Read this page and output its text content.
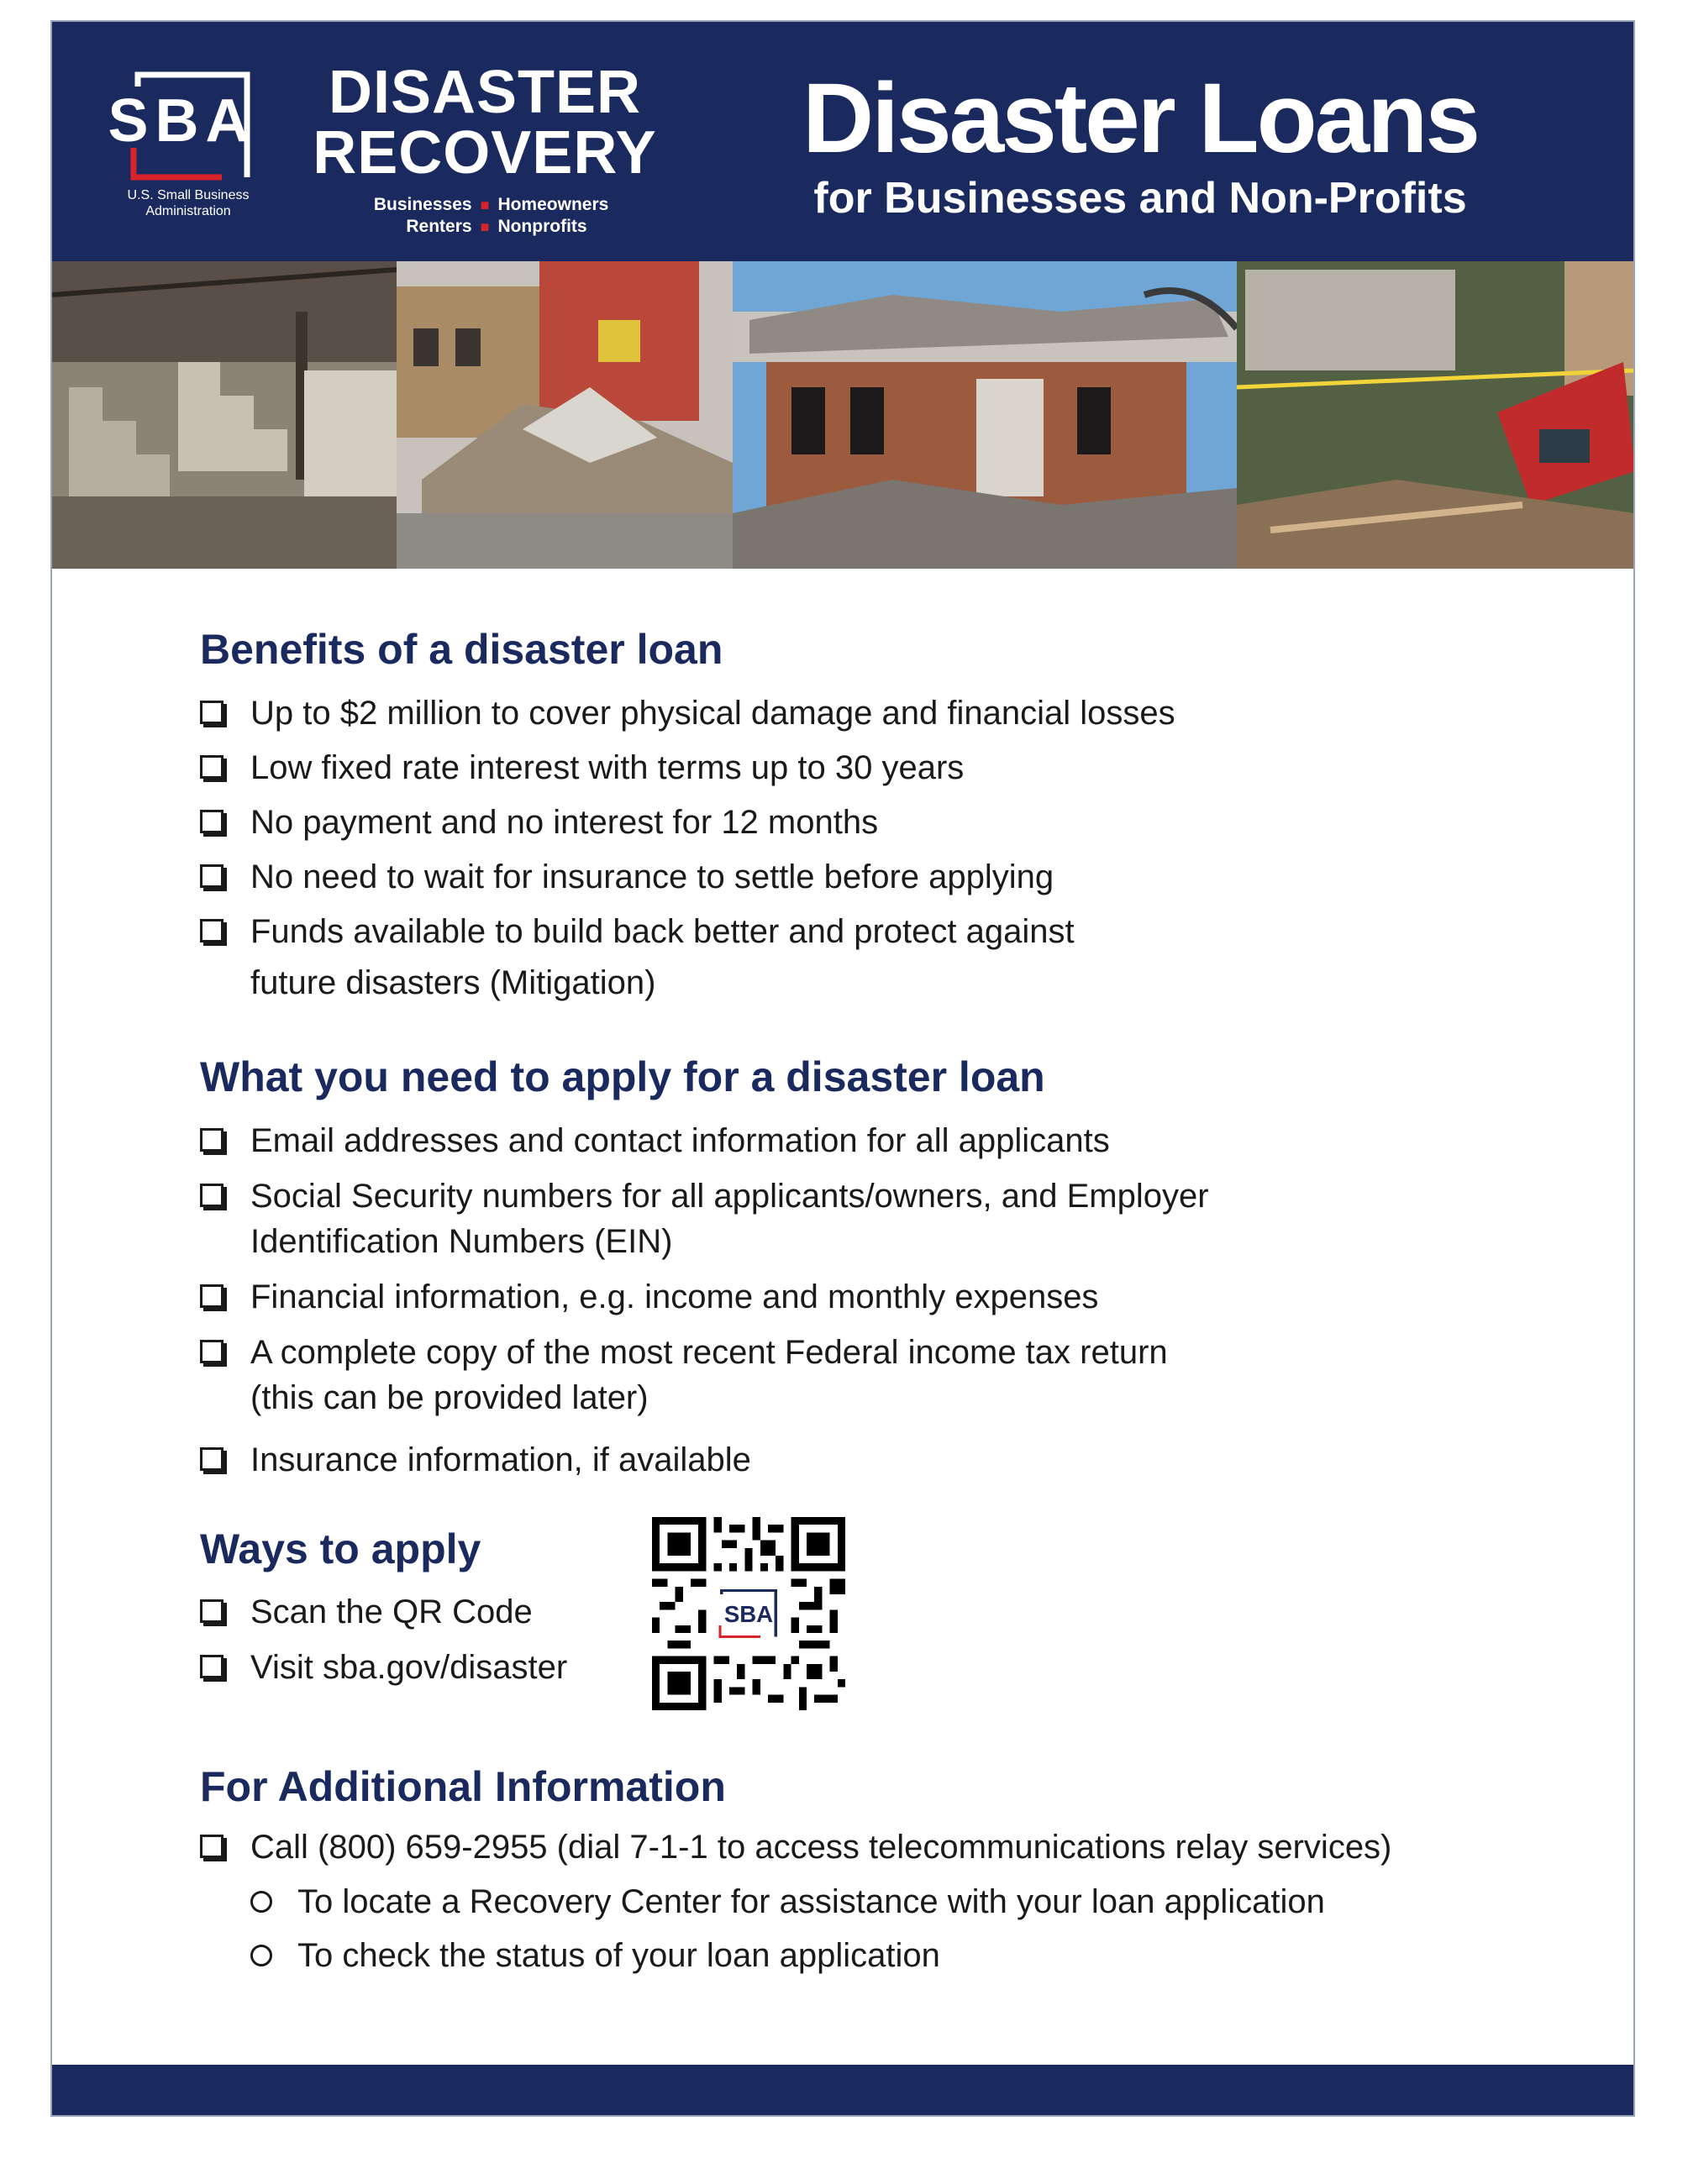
SBA
U.S. Small Business
Administration
DISASTER
RECOVERY
Businesses ■ Homeowners
Renters ■ Nonprofits
Disaster Loans
for Businesses and Non-Profits
Benefits of a disaster loan
Up to $2 million to cover physical damage and financial losses
Low fixed rate interest with terms up to 30 years
No payment and no interest for 12 months
No need to wait for insurance to settle before applying
Funds available to build back better and protect against
future disasters (Mitigation)
What you need to apply for a disaster loan
Email addresses and contact information for all applicants
Social Security numbers for all applicants/owners, and Employer
Identification Numbers (EIN)
Financial information, e.g. income and monthly expenses
A complete copy of the most recent Federal income tax return
(this can be provided later)
Insurance information, if available
Ways to apply
Scan the QR Code
Visit sba.gov/disaster
SBA
For Additional Information
Call (800) 659-2955 (dial 7-1-1 to access telecommunications relay services)
To locate a Recovery Center for assistance with your loan application
To check the status of your loan application
